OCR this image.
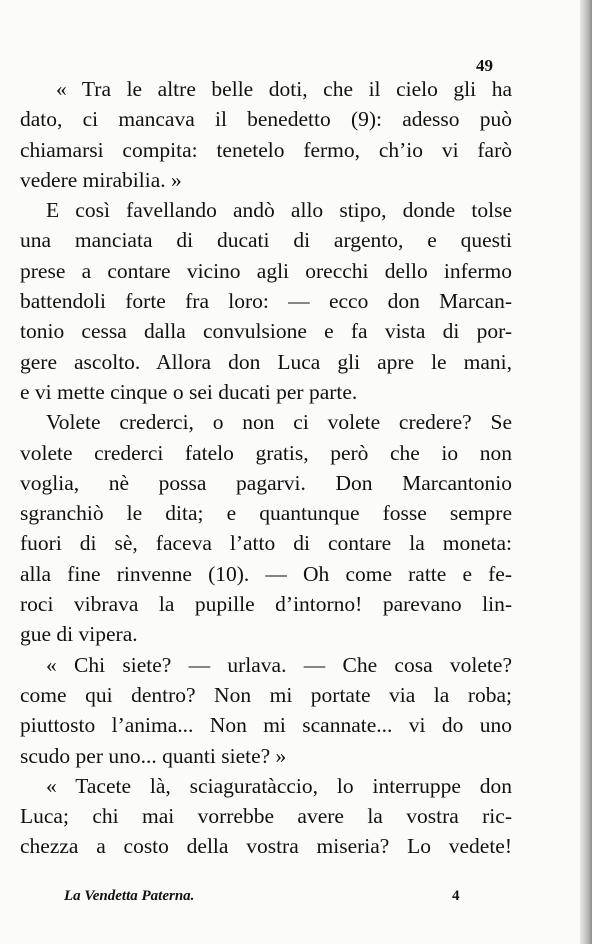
49
« Tra le altre belle doti, che il cielo gli ha
dato, ci mancava il benedetto (9): adesso può
chiamarsi compita: tenetelo fermo, ch’io vi farò
vedere mirabilia. »
E così favellando andò allo stipo, donde tolse
una manciata di ducati di argento, e questi
prese a contare vicino agli orecchi dello infermo
battendoli forte fra loro: — ecco don Marcan-
tonio cessa dalla convulsione e fa vista di por-
gere ascolto. Allora don Luca gli apre le mani,
e vi mette cinque o sei ducati per parte.
Volete crederci, o non ci volete credere? Se
volete crederci fatelo gratis, però che io non
voglia, nè possa pagarvi. Don Marcantonio
sgranchiò le dita; e quantunque fosse sempre
fuori di sè, faceva l’atto di contare la moneta:
alla fine rinvenne (10). — Oh come ratte e fe-
roci vibrava la pupille d’intorno! parevano lin-
gue di vipera.
« Chi siete? — urlava. — Che cosa volete?
come qui dentro? Non mi portate via la roba;
piuttosto l’anima... Non mi scannate... vi do uno
scudo per uno... quanti siete? »
« Tacete là, sciaguratàccio, lo interruppe don
Luca; chi mai vorrebbe avere la vostra ric-
chezza a costo della vostra miseria? Lo vedete!
La Vendetta Paterna.	4
